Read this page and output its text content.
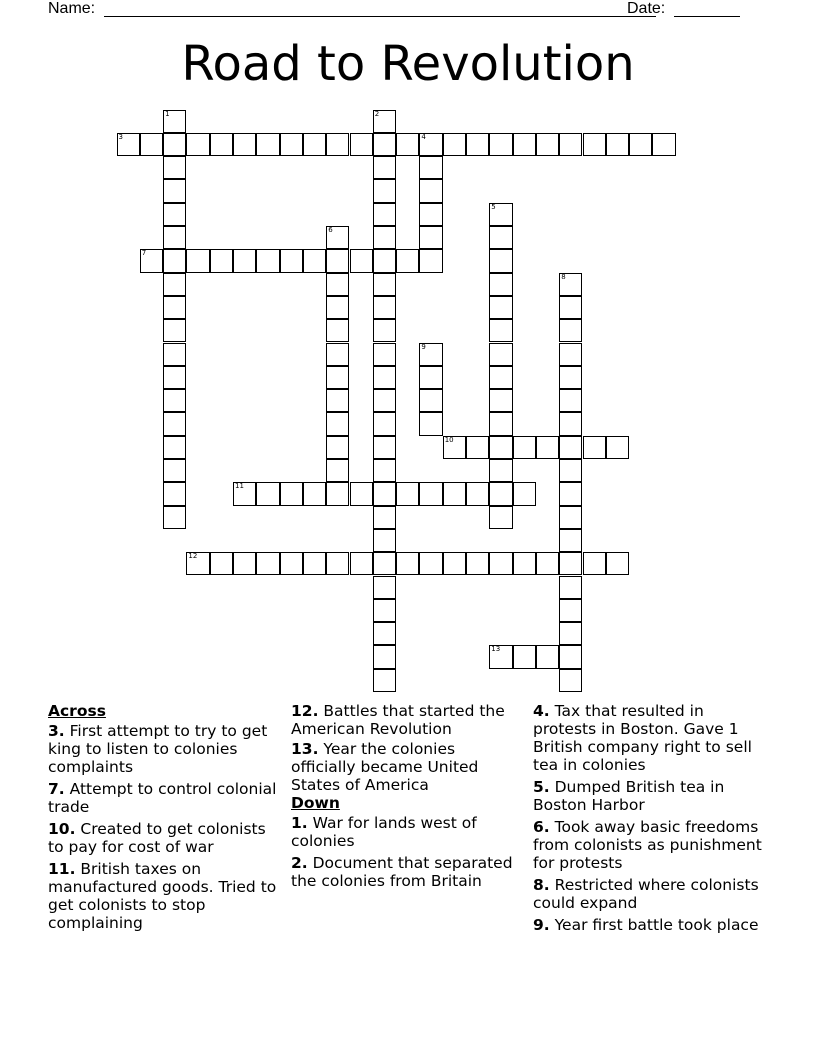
Name:	Date:
Road to Revolution
1	2
3	4
5
6
7
8
9
10
11
12
13
Across
3. First attempt to try to get king to listen to colonies complaints
7. Attempt to control colonial trade
10. Created to get colonists to pay for cost of war
11. British taxes on manufactured goods. Tried to get colonists to stop complaining
12. Battles that started the American Revolution
13. Year the colonies officially became United States of America
Down
1. War for lands west of colonies
2. Document that separated the colonies from Britain
4. Tax that resulted in protests in Boston. Gave 1 British company right to sell tea in colonies
5. Dumped British tea in Boston Harbor
6. Took away basic freedoms from colonists as punishment for protests
8. Restricted where colonists could expand
9. Year first battle took place
